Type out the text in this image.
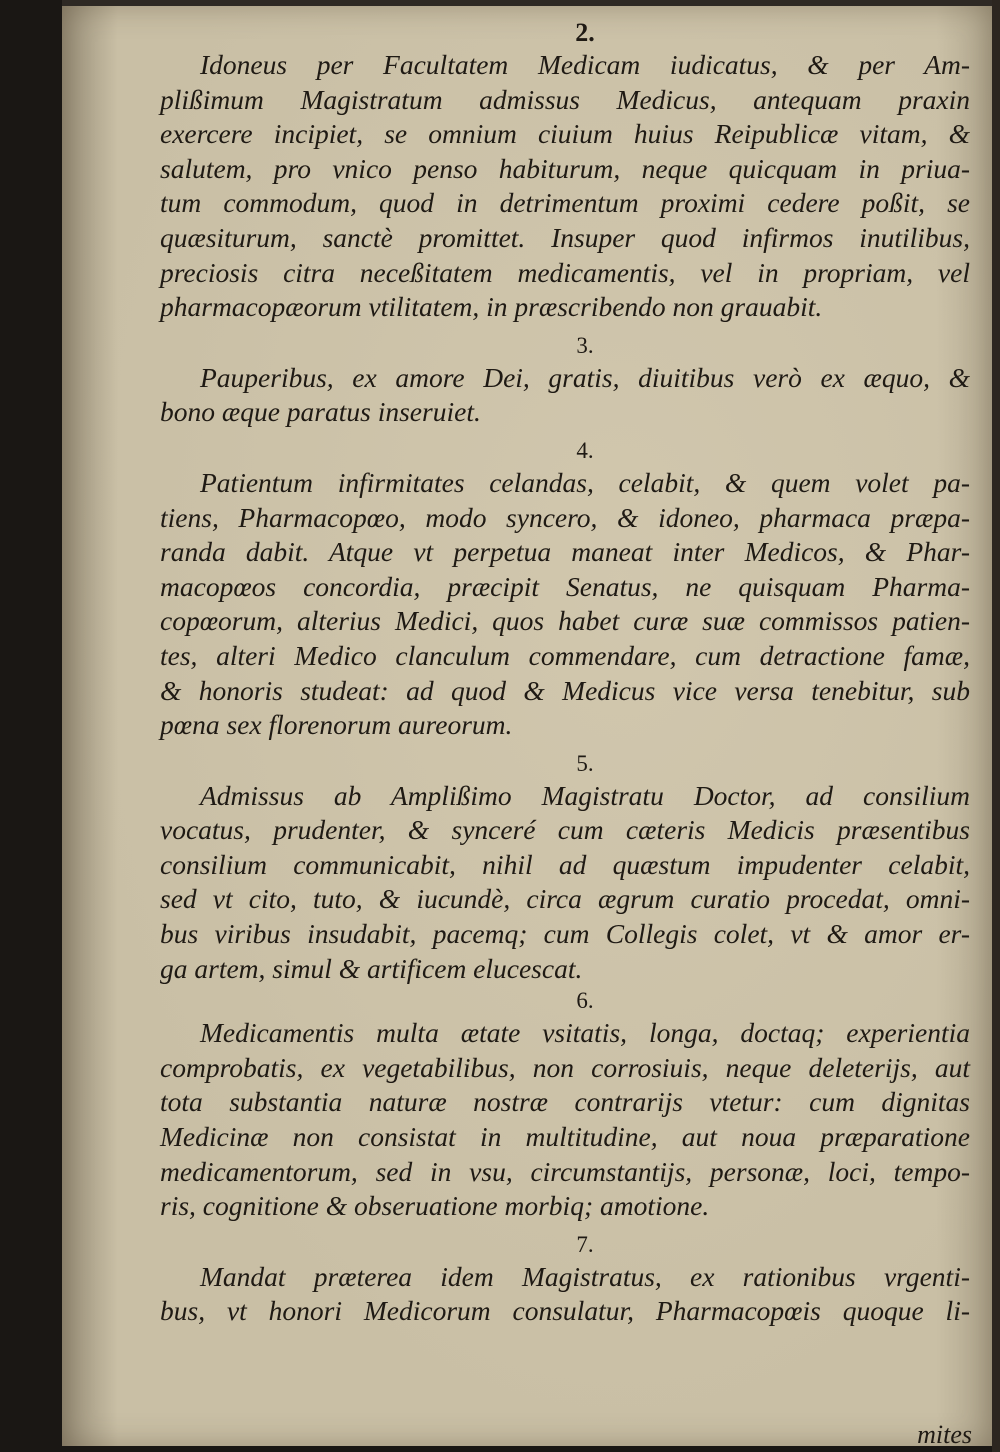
2.

Idoneus per Facultatem Medicam iudicatus, & per Am-

plißimum Magistratum admissus Medicus, antequam praxin

exercere incipiet, se omnium ciuium huius Reipublicæ vitam, &

salutem, pro vnico penso habiturum, neque quicquam in priua-

tum commodum, quod in detrimentum proximi cedere poßit, se

quæsiturum, sanctè promittet. Insuper quod infirmos inutilibus,

preciosis citra neceßitatem medicamentis, vel in propriam, vel

pharmacopæorum vtilitatem, in præscribendo non grauabit.

3.

Pauperibus, ex amore Dei, gratis, diuitibus verò ex æquo, &

bono æque paratus inseruiet.

4.

Patientum infirmitates celandas, celabit, & quem volet pa-

tiens, Pharmacopœo, modo syncero, & idoneo, pharmaca præpa-

randa dabit. Atque vt perpetua maneat inter Medicos, & Phar-

macopœos concordia, præcipit Senatus, ne quisquam Pharma-

copœorum, alterius Medici, quos habet curæ suæ commissos patien-

tes, alteri Medico clanculum commendare, cum detractione famæ,

& honoris studeat: ad quod & Medicus vice versa tenebitur, sub

pœna sex florenorum aureorum.

5.

Admissus ab Amplißimo Magistratu Doctor, ad consilium

vocatus, prudenter, & synceré cum cæteris Medicis præsentibus

consilium communicabit, nihil ad quæstum impudenter celabit,

sed vt cito, tuto, & iucundè, circa ægrum curatio procedat, omni-

bus viribus insudabit, pacemq; cum Collegis colet, vt & amor er-

ga artem, simul & artificem elucescat.

6.

Medicamentis multa ætate vsitatis, longa, doctaq; experientia

comprobatis, ex vegetabilibus, non corrosiuis, neque deleterijs, aut

tota substantia naturæ nostræ contrarijs vtetur: cum dignitas

Medicinæ non consistat in multitudine, aut noua præparatione

medicamentorum, sed in vsu, circumstantijs, personæ, loci, tempo-

ris, cognitione & obseruatione morbiq; amotione.

7.

Mandat præterea idem Magistratus, ex rationibus vrgenti-

bus, vt honori Medicorum consulatur, Pharmacopœis quoque li-

mites
